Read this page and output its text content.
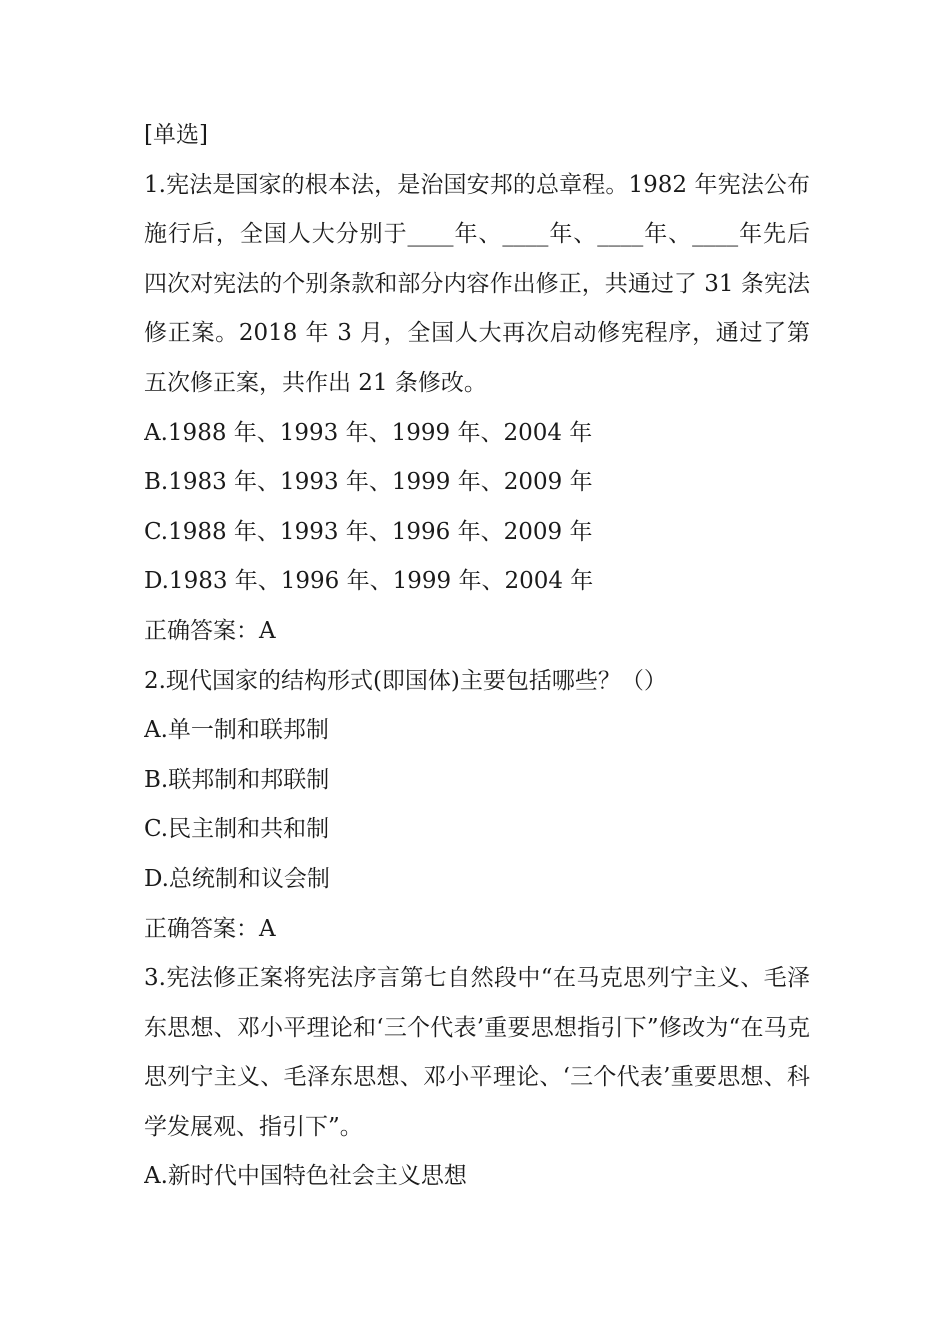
[单选]
1.宪法是国家的根本法，是治国安邦的总章程。1982 年宪法公布施行后，全国人大分别于____年、____年、____年、____年先后四次对宪法的个别条款和部分内容作出修正，共通过了 31 条宪法修正案。2018 年 3 月，全国人大再次启动修宪程序，通过了第五次修正案，共作出 21 条修改。
A.1988 年、1993 年、1999 年、2004 年
B.1983 年、1993 年、1999 年、2009 年
C.1988 年、1993 年、1996 年、2009 年
D.1983 年、1996 年、1999 年、2004 年
正确答案：A
2.现代国家的结构形式(即国体)主要包括哪些？（）
A.单一制和联邦制
B.联邦制和邦联制
C.民主制和共和制
D.总统制和议会制
正确答案：A
3.宪法修正案将宪法序言第七自然段中“在马克思列宁主义、毛泽东思想、邓小平理论和‘三个代表’重要思想指引下”修改为“在马克思列宁主义、毛泽东思想、邓小平理论、‘三个代表’重要思想、科学发展观、指引下”。
A.新时代中国特色社会主义思想
